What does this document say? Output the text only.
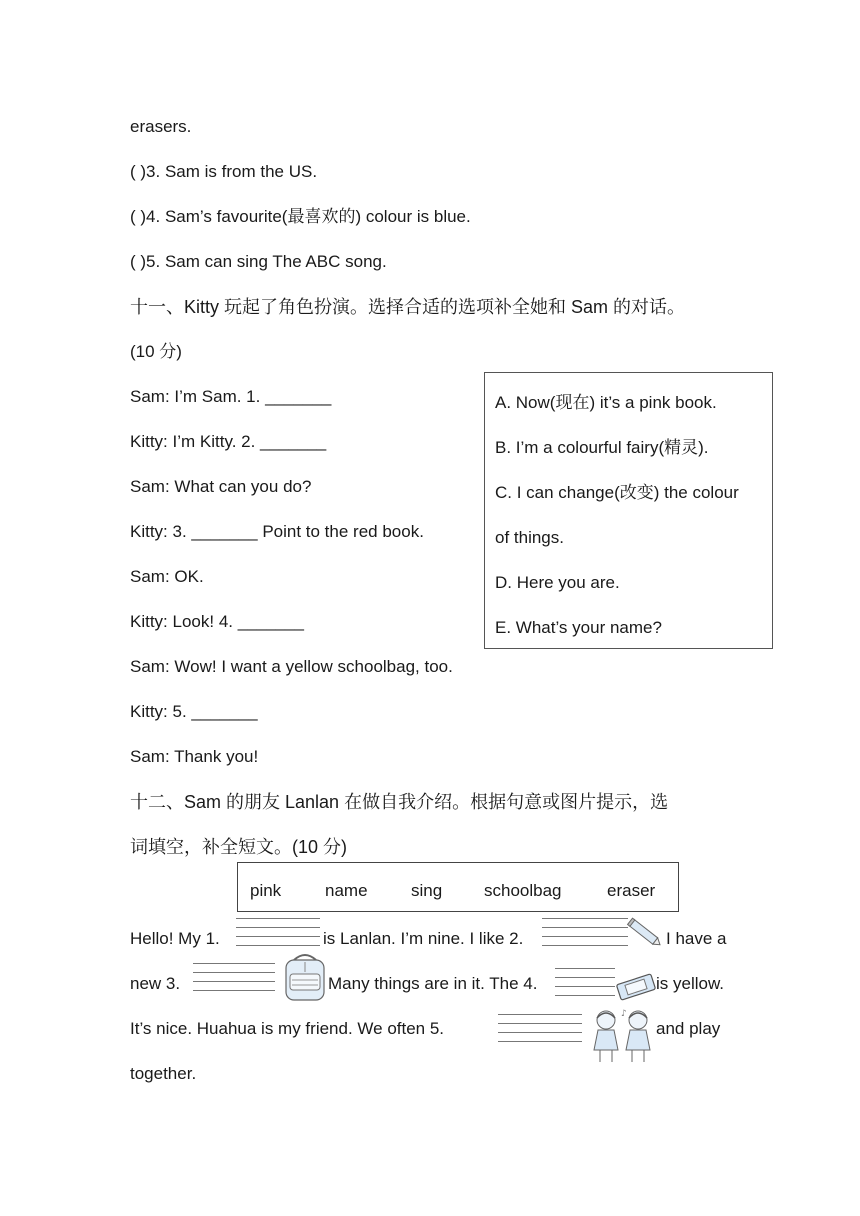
erasers.
( )3. Sam is from the US.
( )4. Sam’s favourite(最喜欢的) colour is blue.
( )5. Sam can sing The ABC song.
十一、Kitty 玩起了角色扮演。选择合适的选项补全她和 Sam 的对话。
(10 分)
Sam: I’m Sam. 1. _______
Kitty: I’m Kitty. 2. _______
Sam: What can you do?
Kitty: 3. _______ Point to the red book.
Sam: OK.
Kitty: Look! 4. _______
Sam: Wow! I want a yellow schoolbag, too.
Kitty: 5. _______
Sam: Thank you!
A. Now(现在) it’s a pink book.
B. I’m a colourful fairy(精灵).
C. I can change(改变) the colour
of things.
D. Here you are.
E. What’s your name?
十二、Sam 的朋友 Lanlan 在做自我介绍。根据句意或图片提示，选
词填空，补全短文。(10 分)
pink	name	sing schoolbag	eraser
Hello! My 1.	is Lanlan. I’m nine. I like 2.	I have a
new 3.	Many things are in it. The 4.	is yellow.
It’s nice. Huahua is my friend. We often 5.
♪
and play
together.
